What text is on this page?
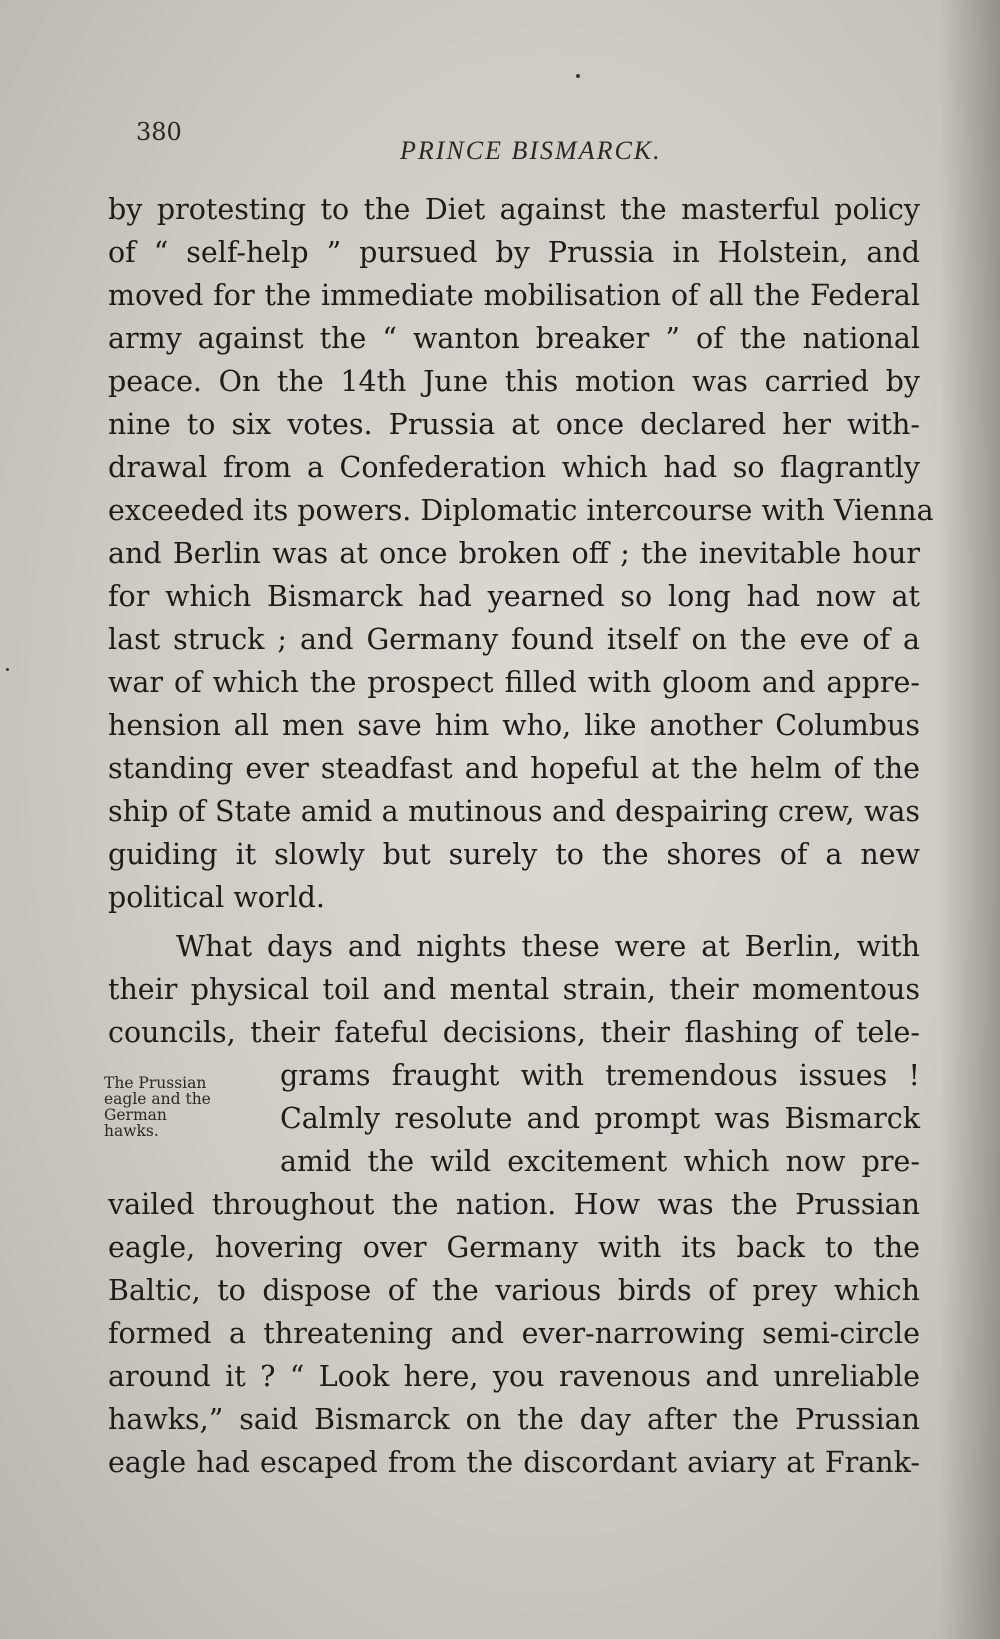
380
PRINCE BISMARCK.
by protesting to the Diet against the masterful policy
of “ self-help ” pursued by Prussia in Holstein, and
moved for the immediate mobilisation of all the Federal
army against the “ wanton breaker ” of the national
peace. On the 14th June this motion was carried by
nine to six votes. Prussia at once declared her with-
drawal from a Confederation which had so flagrantly
exceeded its powers. Diplomatic intercourse with Vienna
and Berlin was at once broken off ; the inevitable hour
for which Bismarck had yearned so long had now at
last struck ; and Germany found itself on the eve of a
war of which the prospect filled with gloom and appre-
hension all men save him who, like another Columbus
standing ever steadfast and hopeful at the helm of the
ship of State amid a mutinous and despairing crew, was
guiding it slowly but surely to the shores of a new
political world.
What days and nights these were at Berlin, with
their physical toil and mental strain, their momentous
councils, their fateful decisions, their flashing of tele-
grams fraught with tremendous issues !
Calmly resolute and prompt was Bismarck
amid the wild excitement which now pre-
vailed throughout the nation. How was the Prussian
eagle, hovering over Germany with its back to the
Baltic, to dispose of the various birds of prey which
formed a threatening and ever-narrowing semi-circle
around it ? “ Look here, you ravenous and unreliable
hawks,” said Bismarck on the day after the Prussian
eagle had escaped from the discordant aviary at Frank-
The Prussian
eagle and the
German
hawks.
